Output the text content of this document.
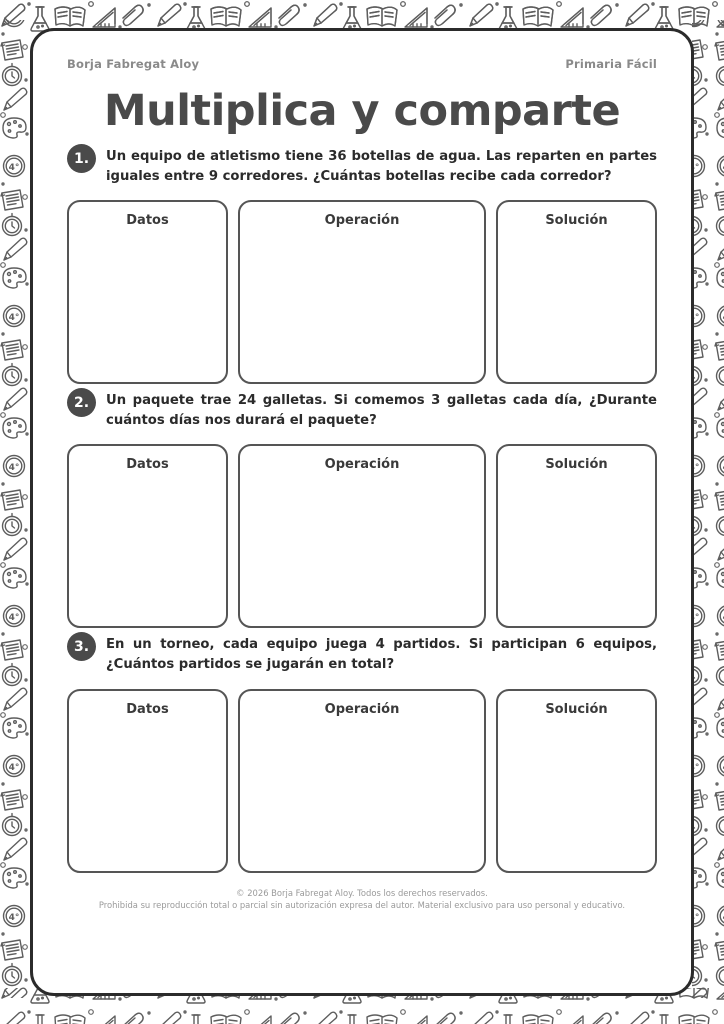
Borja Fabregat Aloy	Primaria Fácil
Multiplica y comparte
1.	Un equipo de atletismo tiene 36 botellas de agua. Las reparten en partes iguales entre 9 corredores. ¿Cuántas botellas recibe cada corredor?
Datos	Operación	Solución
2.	Un paquete trae 24 galletas. Si comemos 3 galletas cada día, ¿Durante cuántos días nos durará el paquete?
Datos	Operación	Solución
3.	En un torneo, cada equipo juega 4 partidos. Si participan 6 equipos, ¿Cuántos partidos se jugarán en total?
Datos	Operación	Solución
© 2026 Borja Fabregat Aloy. Todos los derechos reservados.
Prohibida su reproducción total o parcial sin autorización expresa del autor. Material exclusivo para uso personal y educativo.
